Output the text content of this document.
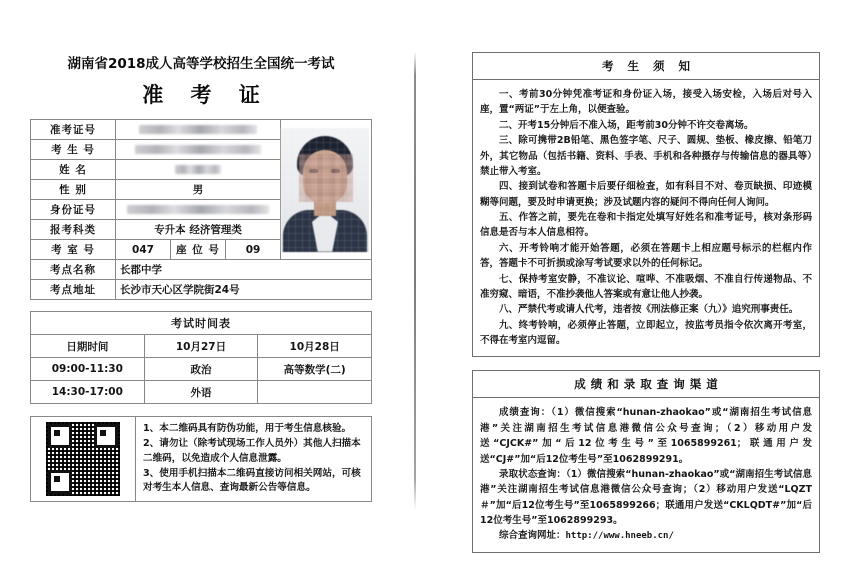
湖南省2018成人高等学校招生全国统一考试
准 考 证
准考证号				

考 生 号				
姓 名				
性 别	男			
身份证号				
报考科类	专升本 经济管理类			
考 室 号	047	座 位 号	09	
考点名称	长郡中学			
考点地址	长沙市天心区学院街24号			
考试时间表		
日期时间	10月27日	10月28日
09:00-11:30	政治	高等数学(二)
14:30-17:00	外语	

1、本二维码具有防伪功能，用于考生信息核验。
2、请勿让（除考试现场工作人员外）其他人扫描本二维码，以免造成个人信息泄露。
3、使用手机扫描本二维码直接访问相关网站，可核对考生本人信息、查询最新公告等信息。
考 生 须 知

一、考前30分钟凭准考证和身份证入场，接受入场安检，入场后对号入座，置“两证”于左上角，以便查验。

二、开考15分钟后不准入场，距考前30分钟不许交卷离场。

三、除可携带2B铅笔、黑色签字笔、尺子、圆规、垫板、橡皮擦、铅笔刀外，其它物品（包括书籍、资料、手表、手机和各种摄存与传输信息的器具等）禁止带入考室。

四、接到试卷和答题卡后要仔细检查，如有科目不对、卷页缺损、印迹模糊等问题，要及时申请更换；涉及试题内容的疑问不得向任何人询问。

五、作答之前，要先在卷和卡指定处填写好姓名和准考证号，核对条形码信息是否与本人信息相符。

六、开考铃响才能开始答题，必须在答题卡上相应题号标示的栏框内作答，答题卡不可折损或涂写考试要求以外的任何标记。

七、保持考室安静，不准议论、喧哗、不准吸烟、不准自行传递物品、不准穷窥、暗语，不准抄袭他人答案或有意让他人抄袭。

八、严禁代考或请人代考，违者按《刑法修正案（九）》追究刑事责任。

九、终考铃响，必须停止答题，立即起立，按监考员指令依次离开考室，不得在考室内逗留。

成绩和录取查询渠道

成绩查询：（1）微信搜索“hunan-zhaokao”或“湖南招生考试信息港”关注湖南招生考试信息港微信公众号查询；（2）移动用户发送“CJCK#”加“后12位考生号”至1065899261；联通用户发送“CJ#”加“后12位考生号”至1062899291。

录取状态查询：（1）微信搜索“hunan-zhaokao”或“湖南招生考试信息港”关注湖南招生考试信息港微信公众号查询；（2）移动用户发送“LQZT＃”加“后12位考生号”至1065899266；联通用户发送“CKLQDT#”加“后12位考生号”至1062899293。

综合查询网址：http://www.hneeb.cn/
